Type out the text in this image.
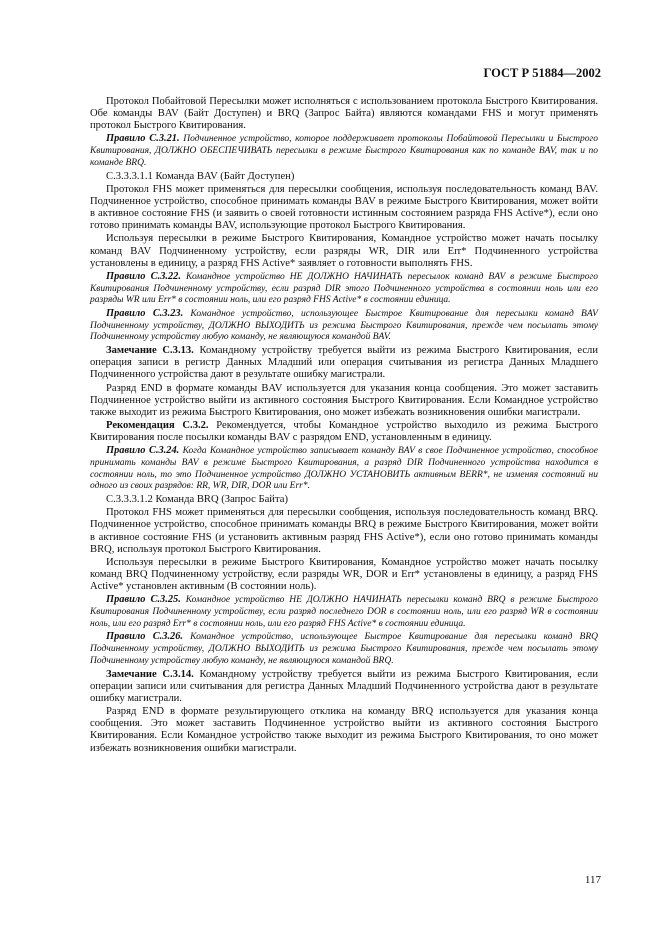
ГОСТ Р 51884—2002

Протокол Побайтовой Пересылки может исполняться с использованием протокола Быстрого Квитирования. Обе команды BAV (Байт Доступен) и BRQ (Запрос Байта) являются командами FHS и могут применять протокол Быстрого Квитирования.

Правило С.3.21. Подчиненное устройство, которое поддерживает протоколы Побайтовой Пересылки и Быстрого Квитирования, ДОЛЖНО ОБЕСПЕЧИВАТЬ пересылки в режиме Быстрого Квитирования как по команде BAV, так и по команде BRQ.

С.3.3.3.1.1 Команда BAV (Байт Доступен)

Протокол FHS может применяться для пересылки сообщения, используя последовательность команд BAV. Подчиненное устройство, способное принимать команды BAV в режиме Быстрого Квитирования, может войти в активное состояние FHS (и заявить о своей готовности истинным состоянием разряда FHS Active*), если оно готово принимать команды BAV, использующие протокол Быстрого Квитирования.

Используя пересылки в режиме Быстрого Квитирования, Командное устройство может начать посылку команд BAV Подчиненному устройству, если разряды WR, DIR или Err* Подчиненного устройства установлены в единицу, а разряд FHS Active* заявляет о готовности выполнять FHS.

Правило С.3.22. Командное устройство НЕ ДОЛЖНО НАЧИНАТЬ пересылок команд BAV в режиме Быстрого Квитирования Подчиненному устройству, если разряд DIR этого Подчиненного устройства в состоянии ноль или его разряды WR или Err* в состоянии ноль, или его разряд FHS Active* в состоянии единица.

Правило С.3.23. Командное устройство, использующее Быстрое Квитирование для пересылки команд BAV Подчиненному устройству, ДОЛЖНО ВЫХОДИТЬ из режима Быстрого Квитирования, прежде чем посылать этому Подчиненному устройству любую команду, не являющуюся командой BAV.

Замечание С.3.13. Командному устройству требуется выйти из режима Быстрого Квитирования, если операция записи в регистр Данных Младший или операция считывания из регистра Данных Младшего Подчиненного устройства дают в результате ошибку магистрали.

Разряд END в формате команды BAV используется для указания конца сообщения. Это может заставить Подчиненное устройство выйти из активного состояния Быстрого Квитирования. Если Командное устройство также выходит из режима Быстрого Квитирования, оно может избежать возникновения ошибки магистрали.

Рекомендация С.3.2. Рекомендуется, чтобы Командное устройство выходило из режима Быстрого Квитирования после посылки команды BAV с разрядом END, установленным в единицу.

Правило С.3.24. Когда Командное устройство записывает команду BAV в свое Подчиненное устройство, способное принимать команды BAV в режиме Быстрого Квитирования, а разряд DIR Подчиненного устройства находится в состоянии ноль, то это Подчиненное устройство ДОЛЖНО УСТАНОВИТЬ активным BERR*, не изменяя состояний ни одного из своих разрядов: RR, WR, DIR, DOR или Err*.

С.3.3.3.1.2 Команда BRQ (Запрос Байта)

Протокол FHS может применяться для пересылки сообщения, используя последовательность команд BRQ. Подчиненное устройство, способное принимать команды BRQ в режиме Быстрого Квитирования, может войти в активное состояние FHS (и установить активным разряд FHS Active*), если оно готово принимать команды BRQ, используя протокол Быстрого Квитирования.

Используя пересылки в режиме Быстрого Квитирования, Командное устройство может начать посылку команд BRQ Подчиненному устройству, если разряды WR, DOR и Err* установлены в единицу, а разряд FHS Active* установлен активным (В состоянии ноль).

Правило С.3.25. Командное устройство НЕ ДОЛЖНО НАЧИНАТЬ пересылки команд BRQ в режиме Быстрого Квитирования Подчиненному устройству, если разряд последнего DOR в состоянии ноль, или его разряд WR в состоянии ноль, или его разряд Err* в состоянии ноль, или его разряд FHS Active* в состоянии единица.

Правило С.3.26. Командное устройство, использующее Быстрое Квитирование для пересылки команд BRQ Подчиненному устройству, ДОЛЖНО ВЫХОДИТЬ из режима Быстрого Квитирования, прежде чем посылать этому Подчиненному устройству любую команду, не являющуюся командой BRQ.

Замечание С.3.14. Командному устройству требуется выйти из режима Быстрого Квитирования, если операции записи или считывания для регистра Данных Младший Подчиненного устройства дают в результате ошибку магистрали.

Разряд END в формате результирующего отклика на команду BRQ используется для указания конца сообщения. Это может заставить Подчиненное устройство выйти из активного состояния Быстрого Квитирования. Если Командное устройство также выходит из режима Быстрого Квитирования, то оно может избежать возникновения ошибки магистрали.

117
